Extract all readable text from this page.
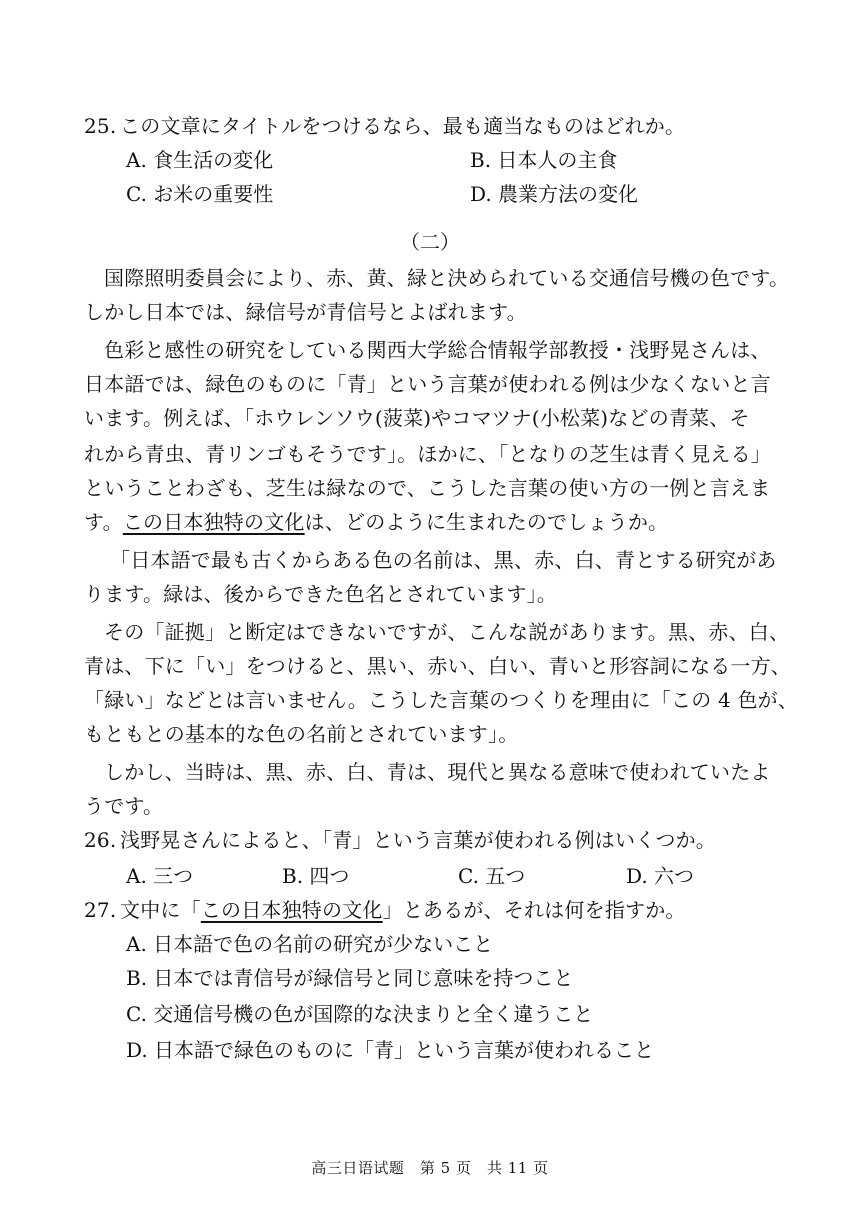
25. この文章にタイトルをつけるなら、最も適当なものはどれか。
A. 食生活の変化	B. 日本人の主食
C. お米の重要性	D. 農業方法の変化
（二）
国際照明委員会により、赤、黄、緑と決められている交通信号機の色です。
しかし日本では、緑信号が青信号とよばれます。
色彩と感性の研究をしている関西大学総合情報学部教授・浅野晃さんは、
日本語では、緑色のものに「青」という言葉が使われる例は少なくないと言
います。例えば、「ホウレンソウ(菠菜)やコマツナ(小松菜)などの青菜、そ
れから青虫、青リンゴもそうです」。ほかに、「となりの芝生は青く見える」
ということわざも、芝生は緑なので、こうした言葉の使い方の一例と言えま
す。この日本独特の文化は、どのように生まれたのでしょうか。
「日本語で最も古くからある色の名前は、黒、赤、白、青とする研究があ
ります。緑は、後からできた色名とされています」。
その「証拠」と断定はできないですが、こんな説があります。黒、赤、白、
青は、下に「い」をつけると、黒い、赤い、白い、青いと形容詞になる一方、
「緑い」などとは言いません。こうした言葉のつくりを理由に「この 4 色が、
もともとの基本的な色の名前とされています」。
しかし、当時は、黒、赤、白、青は、現代と異なる意味で使われていたよ
うです。
26. 浅野晃さんによると、「青」という言葉が使われる例はいくつか。
A. 三つ	B. 四つ	C. 五つ	D. 六つ
27. 文中に「この日本独特の文化」とあるが、それは何を指すか。
A. 日本語で色の名前の研究が少ないこと
B. 日本では青信号が緑信号と同じ意味を持つこと
C. 交通信号機の色が国際的な決まりと全く違うこと
D. 日本語で緑色のものに「青」という言葉が使われること
高三日语试题　第 5 页　共 11 页
